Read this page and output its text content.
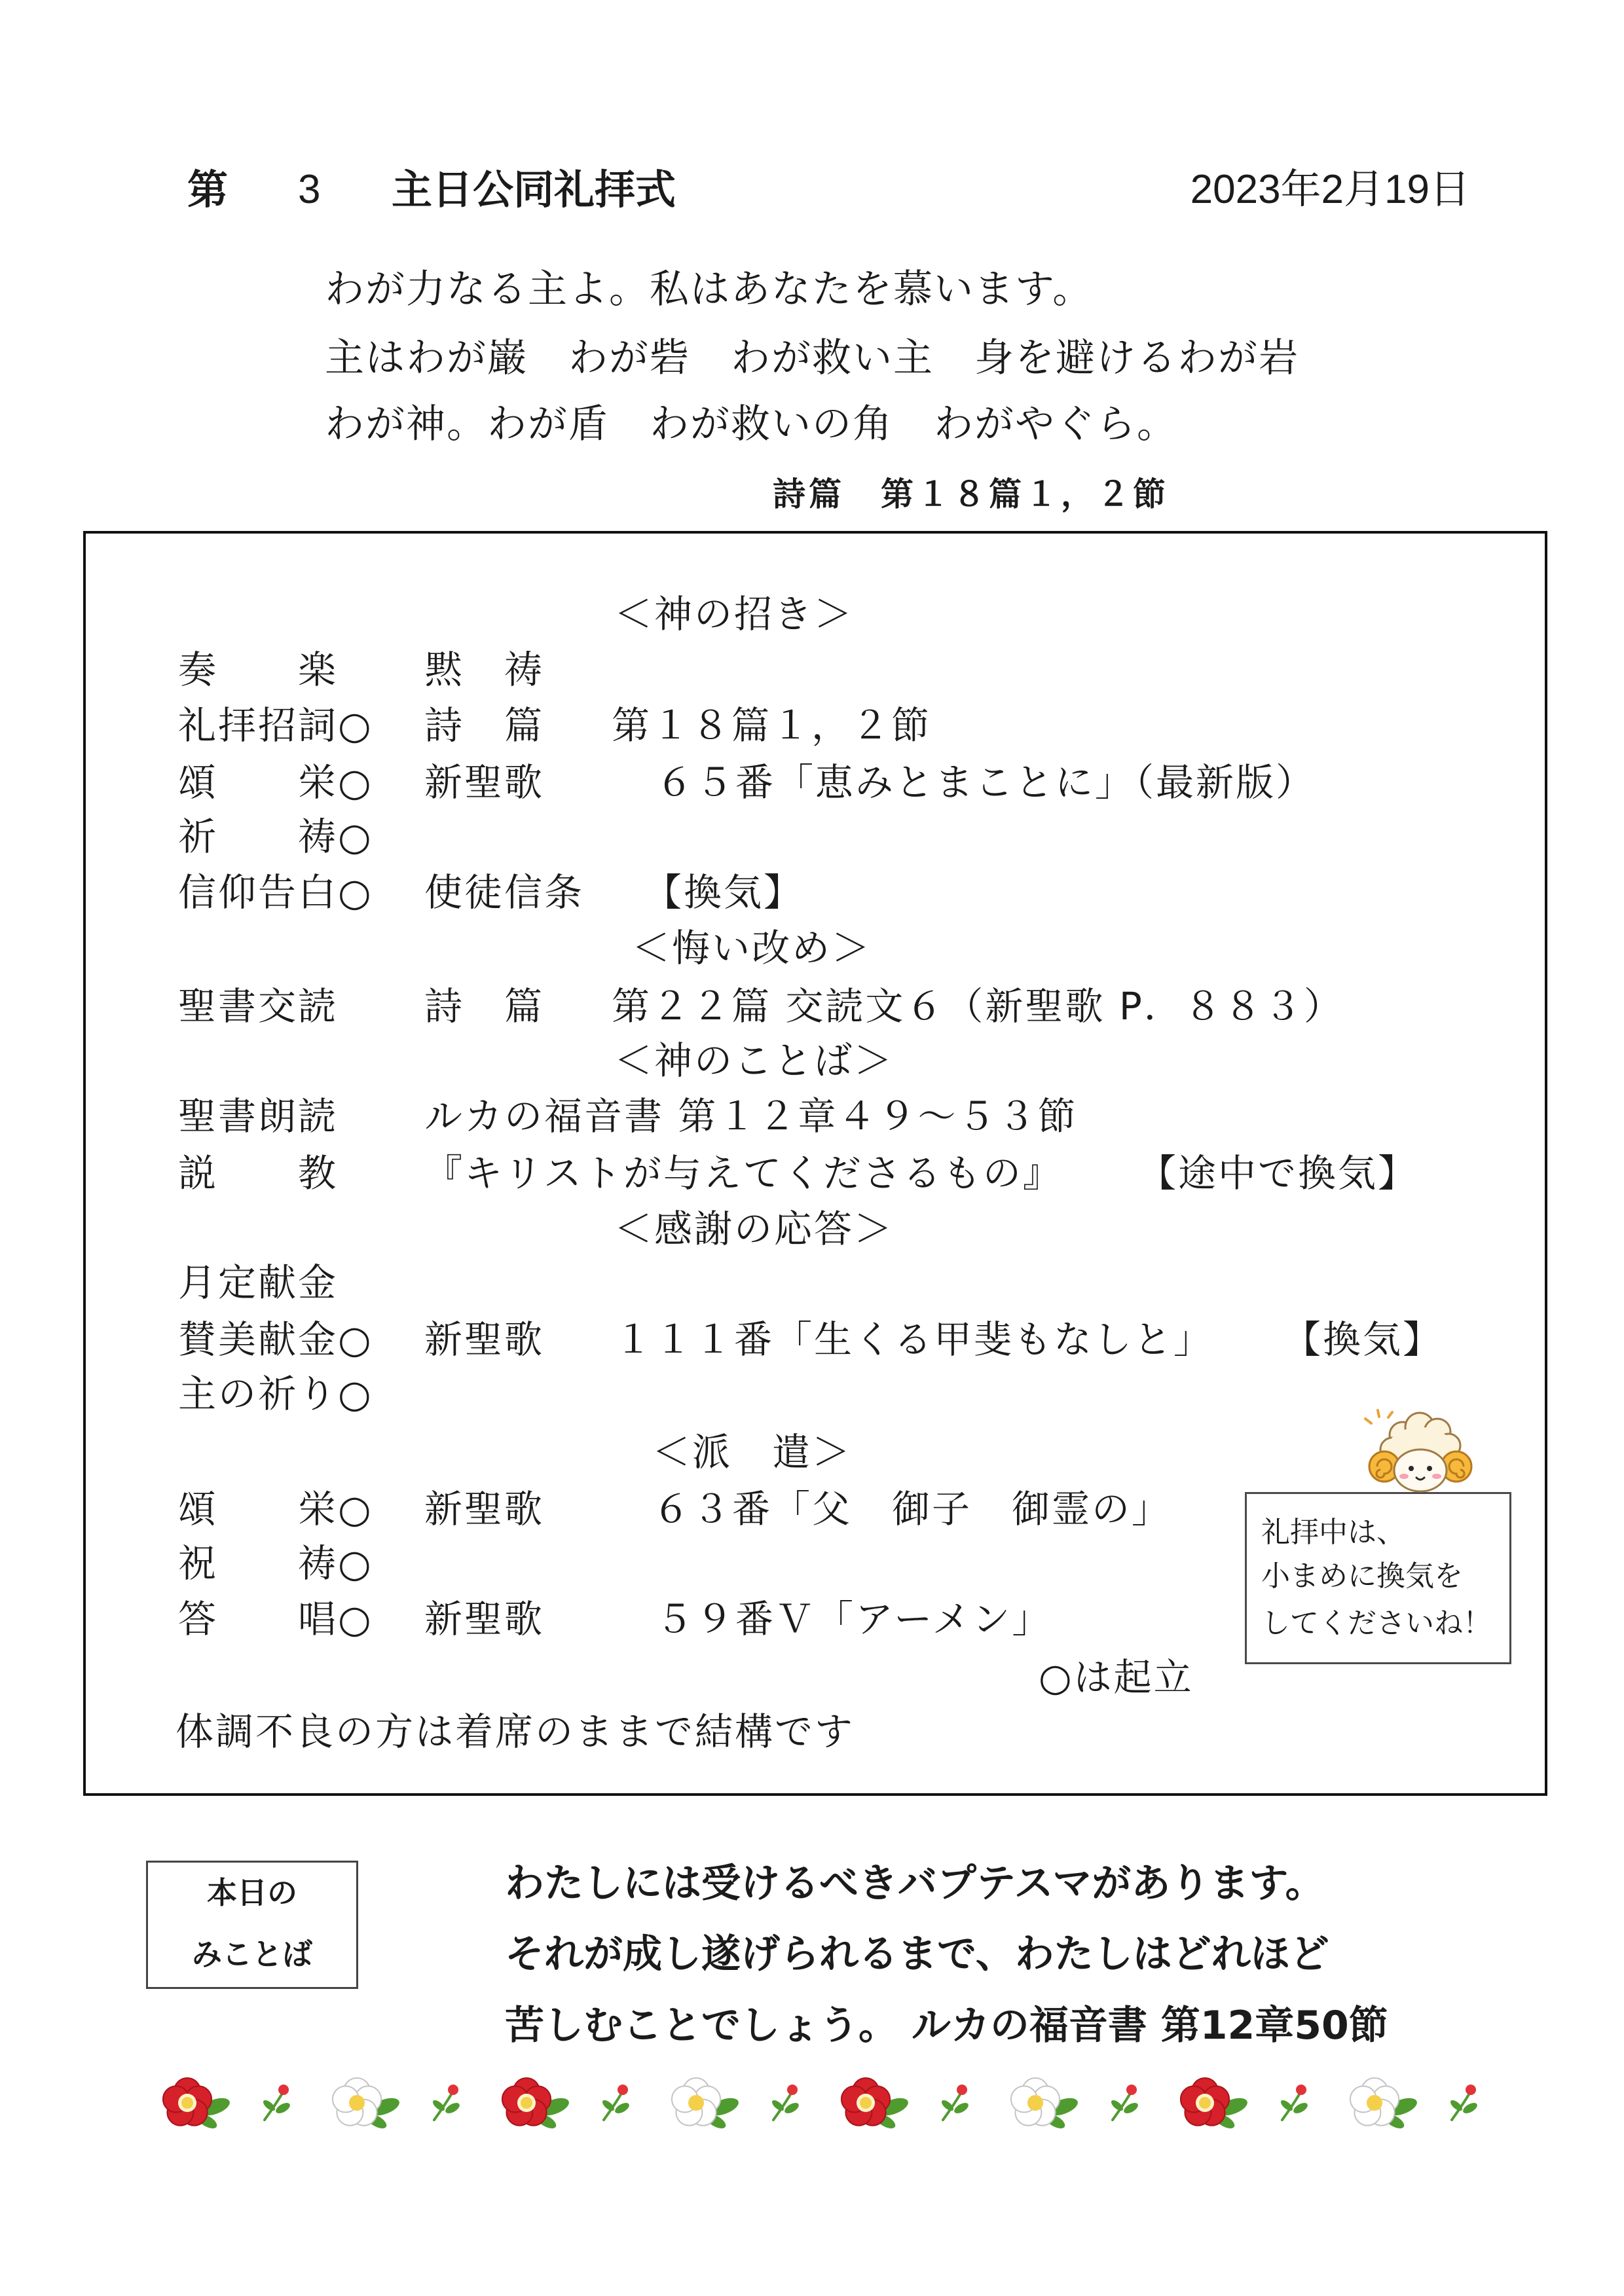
第 3 主日公同礼拝式	2023年2月19日
わが力なる主よ。私はあなたを慕います。
主はわが巌　わが砦　わが救い主　身を避けるわが岩
わが神。わが盾　わが救いの角　わがやぐら。
詩篇　第１８篇１，２節
＜神の招き＞
奏　　楽 黙　祷
礼拝招詞○ 詩　篇 第１８篇１，２節
頌　　栄○ 新聖歌	６５番「恵みとまことに」（最新版）
祈　　祷○
信仰告白○ 使徒信条 【換気】
＜悔い改め＞
聖書交読 詩　篇 第２２篇 交読文６（新聖歌 P．８８３）
＜神のことば＞
聖書朗読 ルカの福音書 第１２章４９～５３節
説　　教 『キリストが与えてくださるもの』 【途中で換気】
＜感謝の応答＞
月定献金
賛美献金○ 新聖歌 １１１番「生くる甲斐もなしと」 【換気】
主の祈り○
＜派　遣＞
頌　　栄○ 新聖歌	６３番「父　御子　御霊の」
祝　　祷○
答　　唱○ 新聖歌	５９番Ｖ「アーメン」
○は起立
体調不良の方は着席のままで結構です
礼拝中は、
小まめに換気を
してくださいね！
本日の
みことば
わたしには受けるべきバプテスマがあります。
それが成し遂げられるまで、わたしはどれほど
苦しむことでしょう。 ルカの福音書 第12章50節
